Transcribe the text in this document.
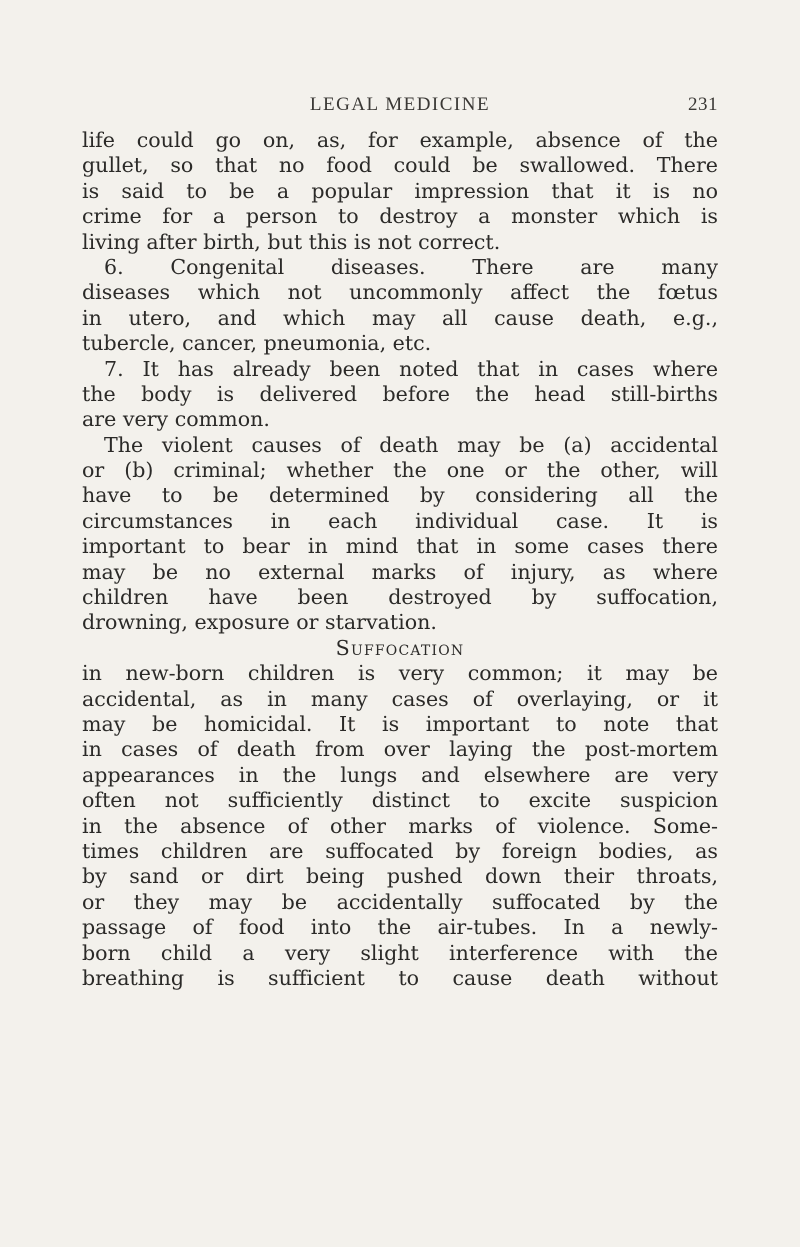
LEGAL MEDICINE	231
life could go on, as, for example, absence of the
gullet, so that no food could be swallowed. There
is said to be a popular impression that it is no
crime for a person to destroy a monster which is
living after birth, but this is not correct.
6. Congenital diseases. There are many
diseases which not uncommonly affect the fœtus
in utero, and which may all cause death, e.g.,
tubercle, cancer, pneumonia, etc.
7. It has already been noted that in cases where
the body is delivered before the head still-births
are very common.
The violent causes of death may be (a) accidental
or (b) criminal; whether the one or the other, will
have to be determined by considering all the
circumstances in each individual case. It is
important to bear in mind that in some cases there
may be no external marks of injury, as where
children have been destroyed by suffocation,
drowning, exposure or starvation.
Suffocation
in new-born children is very common; it may be
accidental, as in many cases of overlaying, or it
may be homicidal. It is important to note that
in cases of death from over laying the post-mortem
appearances in the lungs and elsewhere are very
often not sufficiently distinct to excite suspicion
in the absence of other marks of violence. Some-
times children are suffocated by foreign bodies, as
by sand or dirt being pushed down their throats,
or they may be accidentally suffocated by the
passage of food into the air-tubes. In a newly-
born child a very slight interference with the
breathing is sufficient to cause death without
